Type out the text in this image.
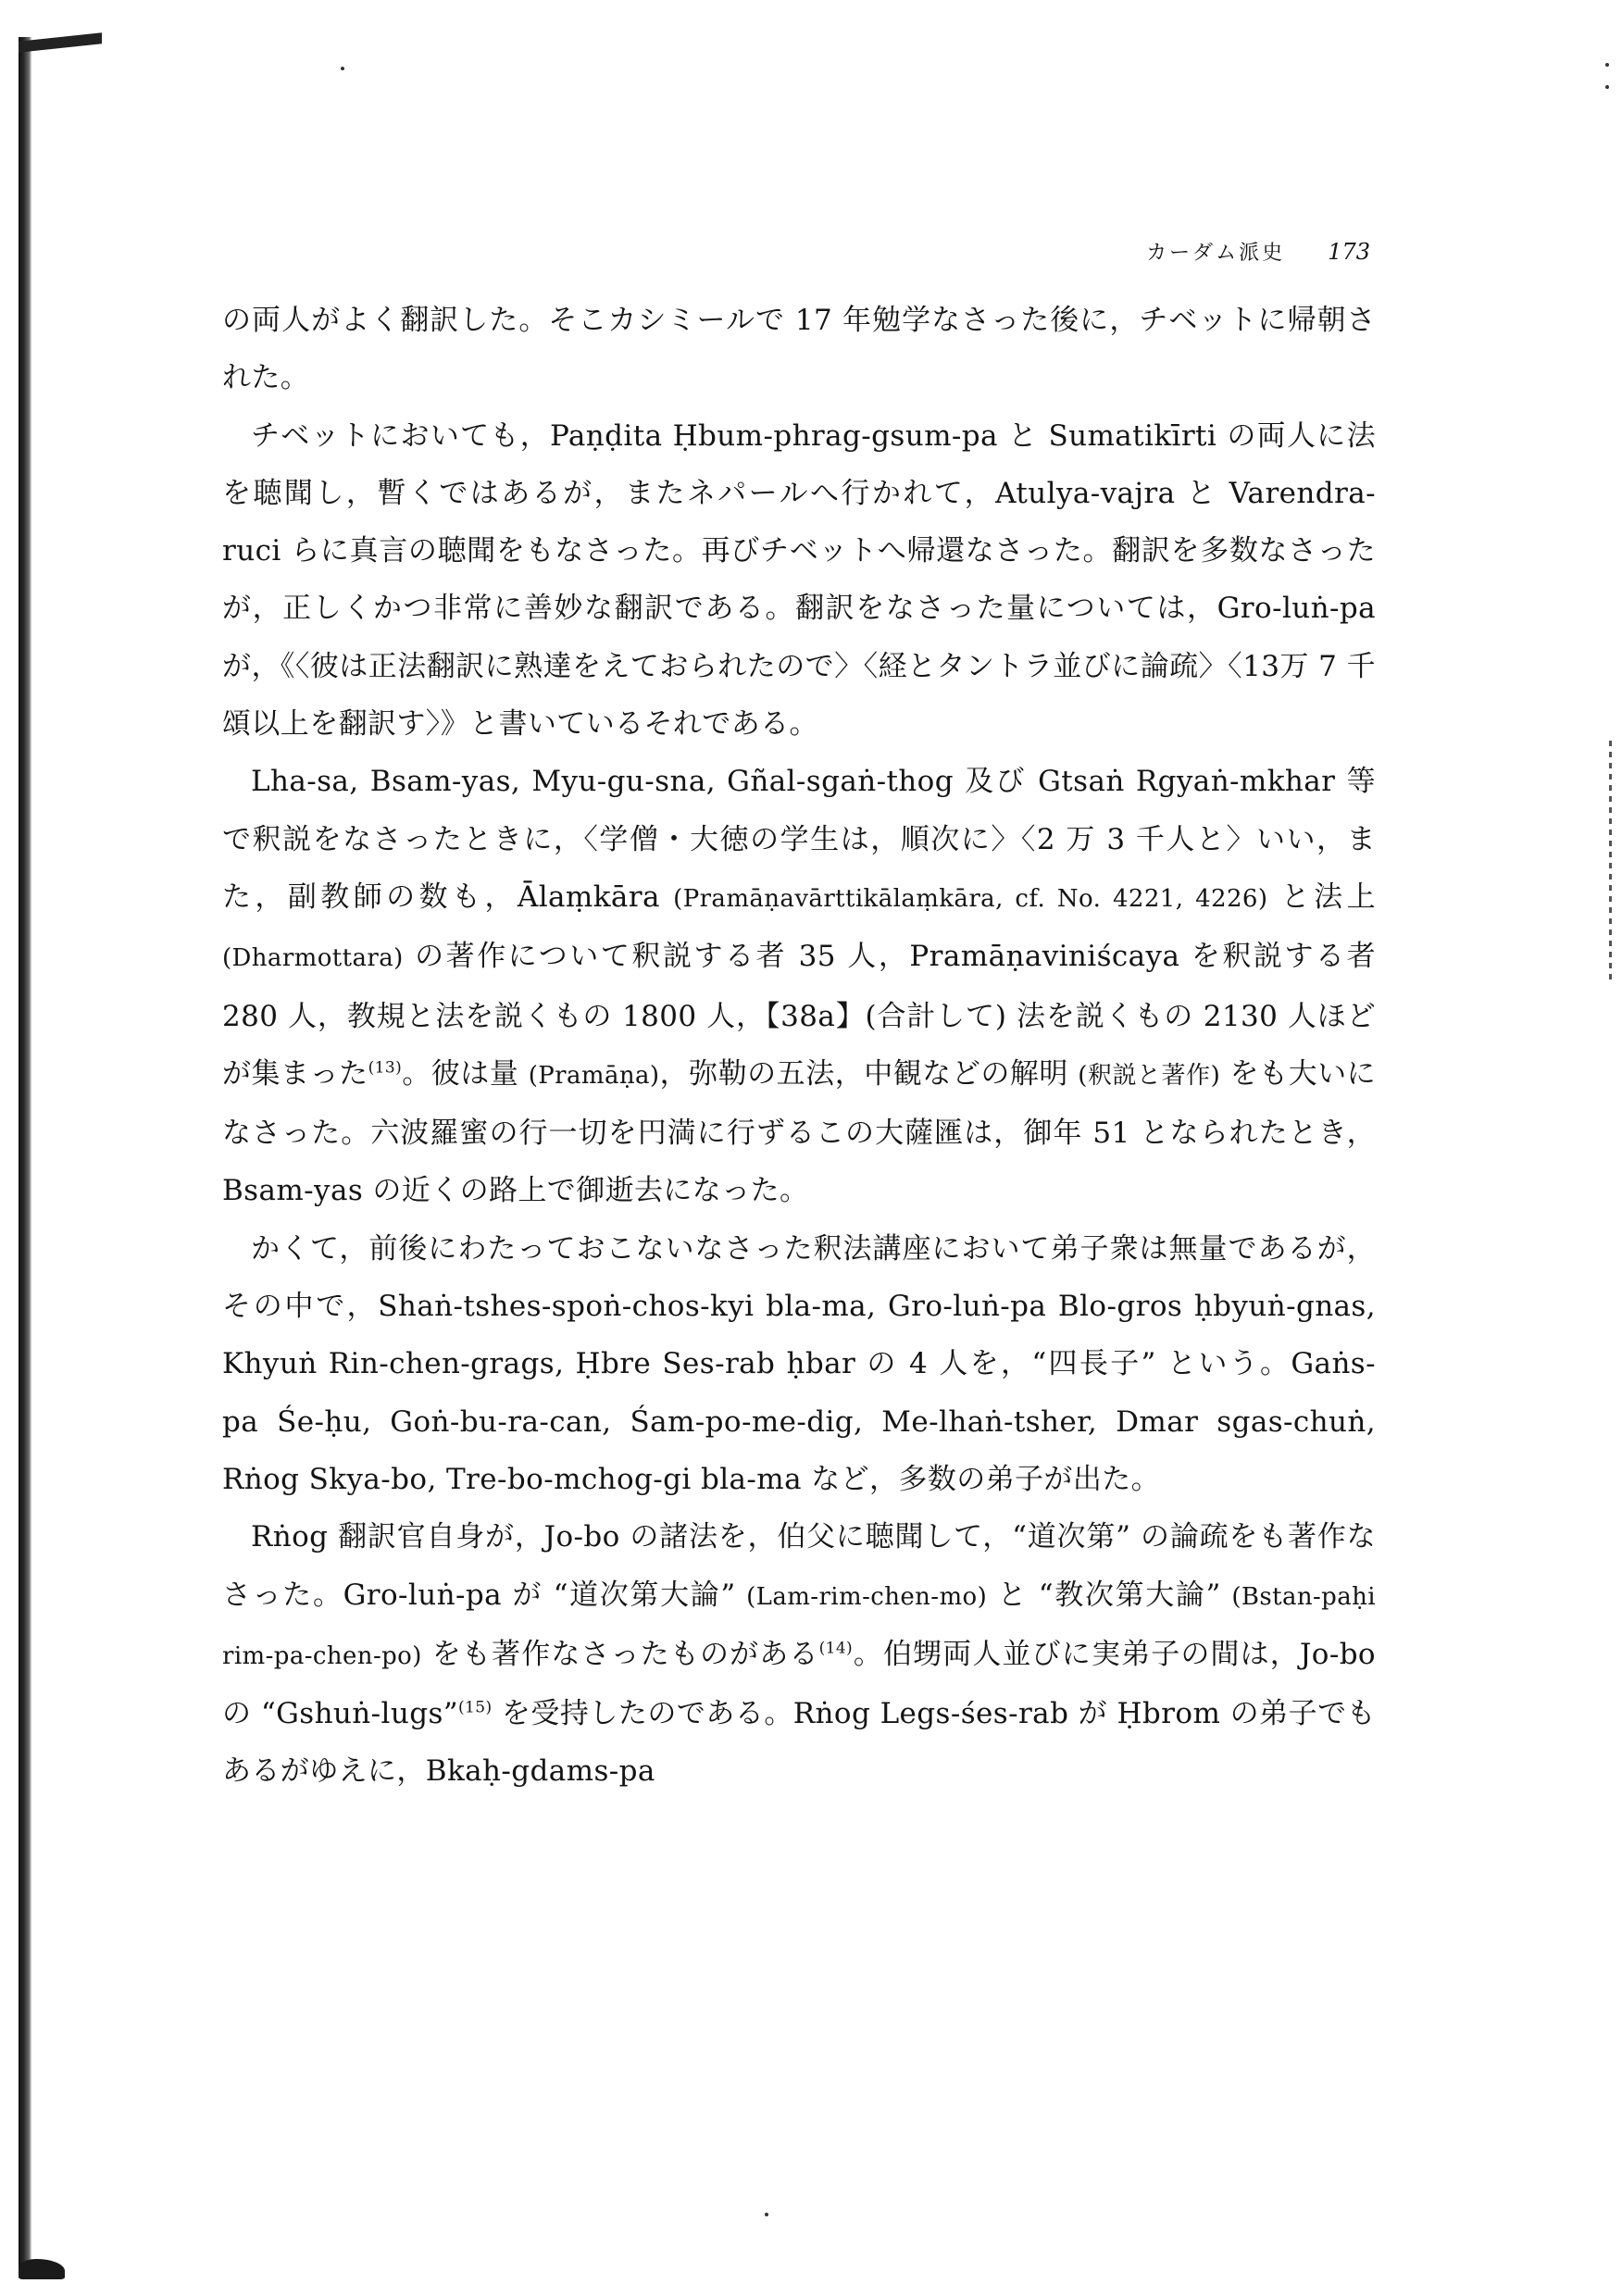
カーダム派史 173

の両人がよく翻訳した。そこカシミールで 17 年勉学なさった後に，チベットに帰朝された。

チベットにおいても，Paṇḍita Ḥbum-phrag-gsum-pa と Sumatikīrti の両人に法を聴聞し，暫くではあるが，またネパールへ行かれて，Atulya-vajra と Varendra-ruci らに真言の聴聞をもなさった。再びチベットへ帰還なさった。翻訳を多数なさったが，正しくかつ非常に善妙な翻訳である。翻訳をなさった量については，Gro-luṅ-pa が，《〈彼は正法翻訳に熟達をえておられたので〉〈経とタントラ並びに論疏〉〈13万 7 千頌以上を翻訳す〉》と書いているそれである。

Lha-sa, Bsam-yas, Myu-gu-sna, Gñal-sgaṅ-thog 及び Gtsaṅ Rgyaṅ-mkhar 等で釈説をなさったときに，〈学僧・大徳の学生は，順次に〉〈2 万 3 千人と〉いい，また，副教師の数も，Ālaṃkāra (Pramāṇavārttikālaṃkāra, cf. No. 4221, 4226) と法上 (Dharmottara) の著作について釈説する者 35 人，Pramāṇaviniścaya を釈説する者 280 人，教規と法を説くもの 1800 人，【38a】(合計して) 法を説くもの 2130 人ほどが集まった$^{(13)}$。彼は量 (Pramāṇa)，弥勒の五法，中観などの解明 (釈説と著作) をも大いになさった。六波羅蜜の行一切を円満に行ずるこの大薩匯は，御年 51 となられたとき，Bsam-yas の近くの路上で御逝去になった。

かくて，前後にわたっておこないなさった釈法講座において弟子衆は無量であるが，その中で，Shaṅ-tshes-spoṅ-chos-kyi bla-ma, Gro-luṅ-pa Blo-gros ḥbyuṅ-gnas, Khyuṅ Rin-chen-grags, Ḥbre Ses-rab ḥbar の 4 人を，“四長子” という。Gaṅs-pa Śe-ḥu, Goṅ-bu-ra-can, Śam-po-me-dig, Me-lhaṅ-tsher, Dmar sgas-chuṅ, Rṅog Skya-bo, Tre-bo-mchog-gi bla-ma など，多数の弟子が出た。

Rṅog 翻訳官自身が，Jo-bo の諸法を，伯父に聴聞して，“道次第” の論疏をも著作なさった。Gro-luṅ-pa が “道次第大論” (Lam-rim-chen-mo) と “教次第大論” (Bstan-paḥi rim-pa-chen-po) をも著作なさったものがある$^{(14)}$。伯甥両人並びに実弟子の間は，Jo-bo の “Gshuṅ-lugs”$^{(15)}$ を受持したのである。Rṅog Legs-śes-rab が Ḥbrom の弟子でもあるがゆえに，Bkaḥ-gdams-pa
